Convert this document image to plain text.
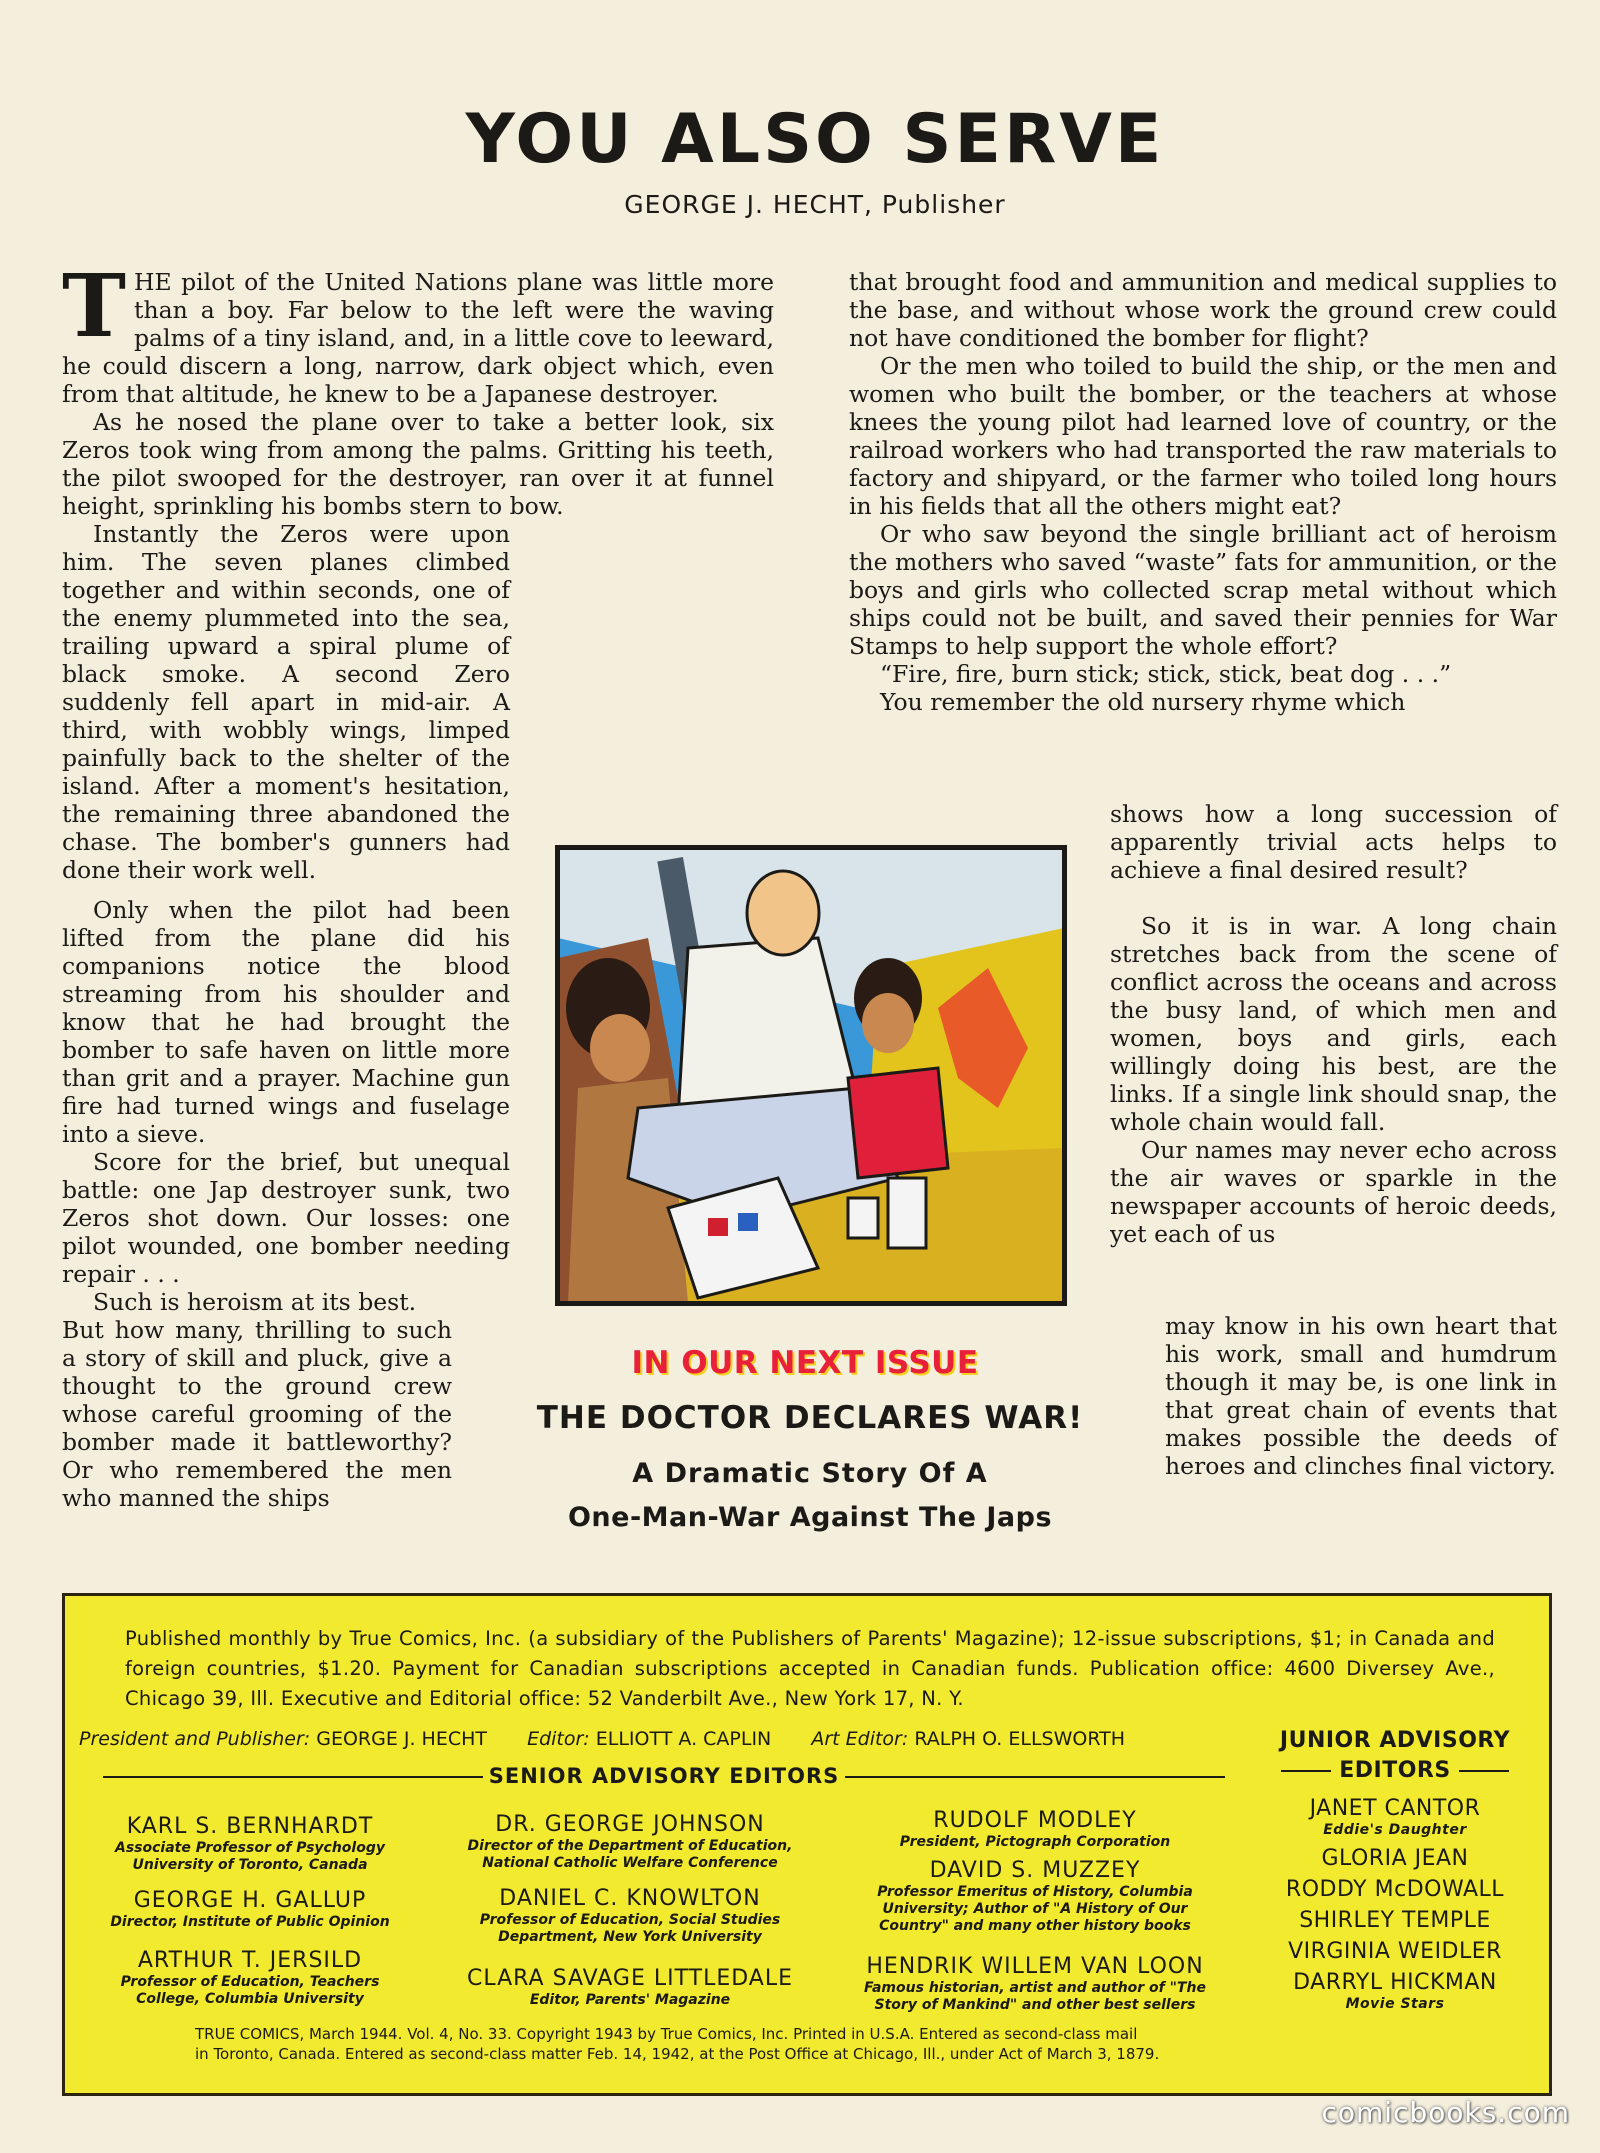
YOU ALSO SERVE
GEORGE J. HECHT, Publisher

THE pilot of the United Nations plane was little more than a boy. Far below to the left were the waving palms of a tiny island, and, in a little cove to leeward, he could discern a long, narrow, dark object which, even from that altitude, he knew to be a Japanese destroyer.

As he nosed the plane over to take a better look, six Zeros took wing from among the palms. Gritting his teeth, the pilot swooped for the destroyer, ran over it at funnel height, sprinkling his bombs stern to bow.

Instantly the Zeros were upon him. The seven planes climbed together and within seconds, one of the enemy plummeted into the sea, trailing upward a spiral plume of black smoke. A second Zero suddenly fell apart in mid-air. A third, with wobbly wings, limped painfully back to the shelter of the island. After a moment's hesitation, the remaining three abandoned the chase. The bomber's gunners had done their work well.

Only when the pilot had been lifted from the plane did his companions notice the blood streaming from his shoulder and know that he had brought the bomber to safe haven on little more than grit and a prayer. Machine gun fire had turned wings and fuselage into a sieve.

Score for the brief, but unequal battle: one Jap destroyer sunk, two Zeros shot down. Our losses: one pilot wounded, one bomber needing repair . . .

Such is heroism at its best.

But how many, thrilling to such a story of skill and pluck, give a thought to the ground crew whose careful grooming of the bomber made it battleworthy? Or who remembered the men who manned the ships

that brought food and ammunition and medical supplies to the base, and without whose work the ground crew could not have conditioned the bomber for flight?

Or the men who toiled to build the ship, or the men and women who built the bomber, or the teachers at whose knees the young pilot had learned love of country, or the railroad workers who had transported the raw materials to factory and shipyard, or the farmer who toiled long hours in his fields that all the others might eat?

Or who saw beyond the single brilliant act of heroism the mothers who saved “waste” fats for ammunition, or the boys and girls who collected scrap metal without which ships could not be built, and saved their pennies for War Stamps to help support the whole effort?

“Fire, fire, burn stick; stick, stick, beat dog . . .”

You remember the old nursery rhyme which

shows how a long succession of apparently trivial acts helps to achieve a final desired result?

So it is in war. A long chain stretches back from the scene of conflict across the oceans and across the busy land, of which men and women, boys and girls, each willingly doing his best, are the links. If a single link should snap, the whole chain would fall.

Our names may never echo across the air waves or sparkle in the newspaper accounts of heroic deeds, yet each of us

may know in his own heart that his work, small and humdrum though it may be, is one link in that great chain of events that makes possible the deeds of heroes and clinches final victory.

IN OUR NEXT ISSUE
THE DOCTOR DECLARES WAR!
A Dramatic Story Of A
One-Man-War Against The Japs
Published monthly by True Comics, Inc. (a subsidiary of the Publishers of Parents' Magazine); 12-issue subscriptions, $1; in Canada and foreign countries, $1.20. Payment for Canadian subscriptions accepted in Canadian funds. Publication office: 4600 Diversey Ave., Chicago 39, Ill. Executive and Editorial office: 52 Vanderbilt Ave., New York 17, N. Y.
President and Publisher: GEORGE J. HECHT Editor: ELLIOTT A. CAPLIN Art Editor: RALPH O. ELLSWORTH
SENIOR ADVISORY EDITORS
JUNIOR ADVISORY
EDITORS
KARL S. BERNHARDT
Associate Professor of Psychology
University of Toronto, Canada
GEORGE H. GALLUP
Director, Institute of Public Opinion
ARTHUR T. JERSILD
Professor of Education, Teachers
College, Columbia University
DR. GEORGE JOHNSON
Director of the Department of Education,
National Catholic Welfare Conference
DANIEL C. KNOWLTON
Professor of Education, Social Studies
Department, New York University
CLARA SAVAGE LITTLEDALE
Editor, Parents' Magazine
RUDOLF MODLEY
President, Pictograph Corporation
DAVID S. MUZZEY
Professor Emeritus of History, Columbia
University; Author of "A History of Our
Country" and many other history books
HENDRIK WILLEM VAN LOON
Famous historian, artist and author of "The
Story of Mankind" and other best sellers
JANET CANTOR
Eddie's Daughter
GLORIA JEAN
RODDY McDOWALL
SHIRLEY TEMPLE
VIRGINIA WEIDLER
DARRYL HICKMAN
Movie Stars
TRUE COMICS, March 1944. Vol. 4, No. 33. Copyright 1943 by True Comics, Inc. Printed in U.S.A. Entered as second-class mail
in Toronto, Canada. Entered as second-class matter Feb. 14, 1942, at the Post Office at Chicago, Ill., under Act of March 3, 1879.
comicbooks.com
